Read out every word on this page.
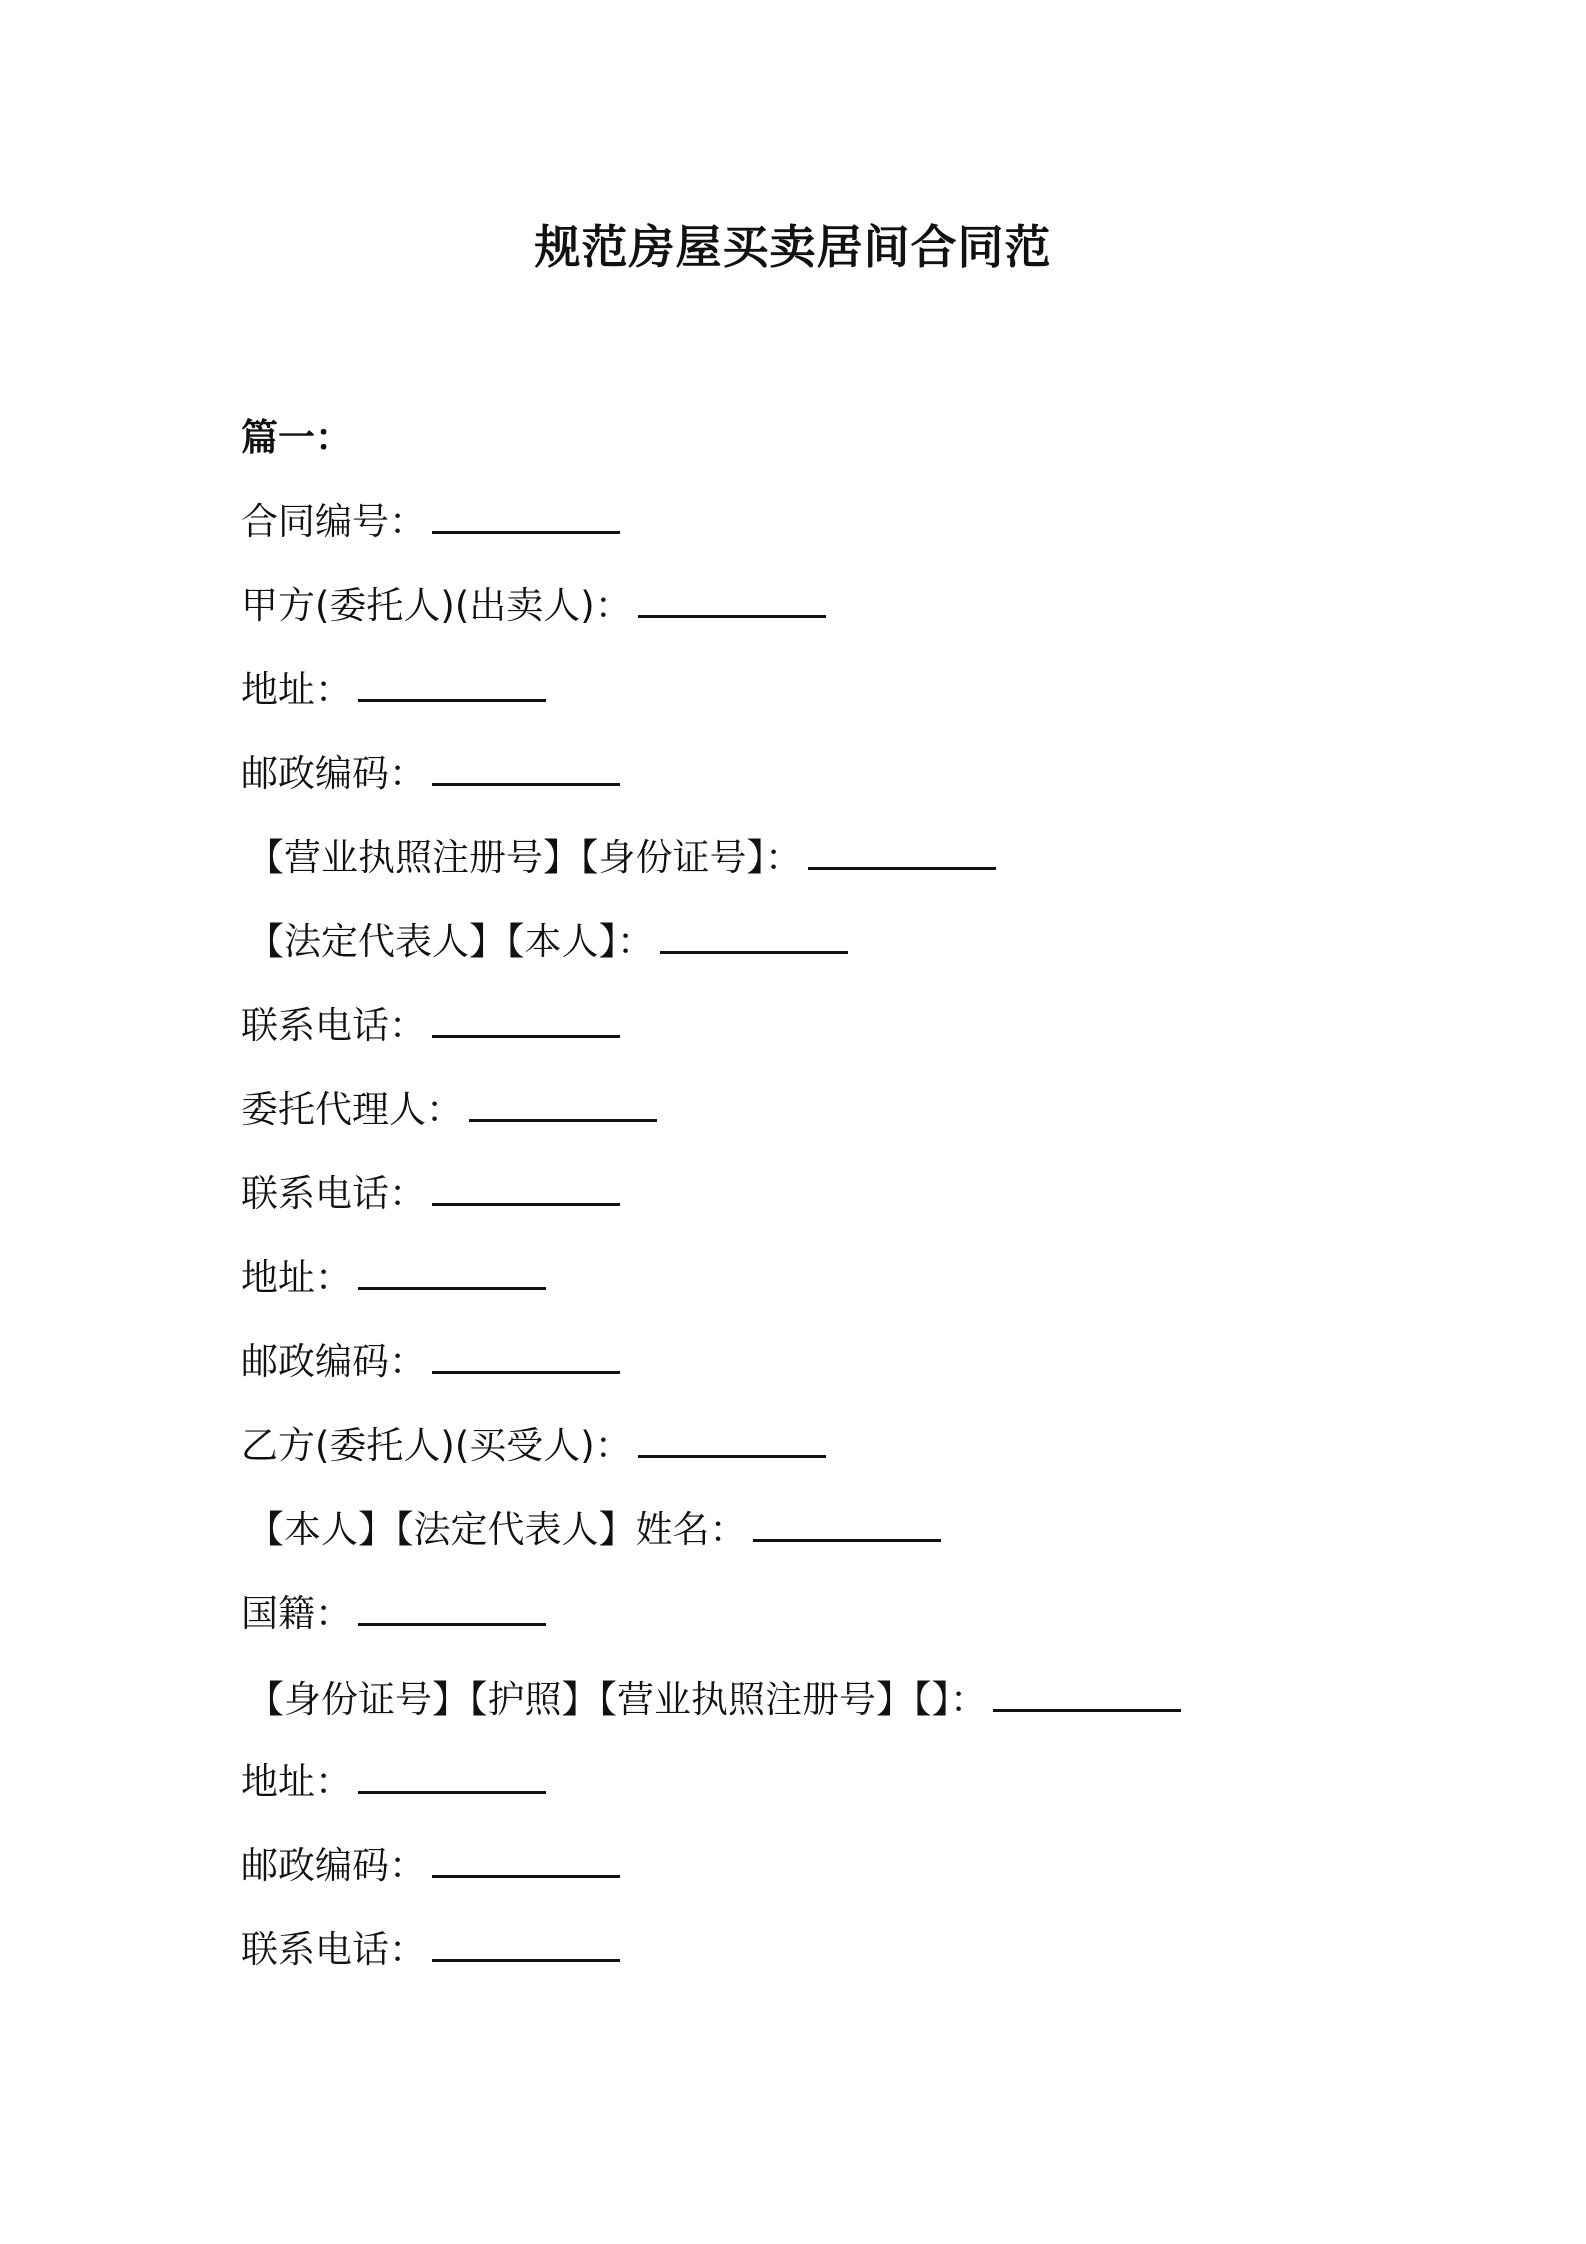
规范房屋买卖居间合同范
篇一：
合同编号：
甲方(委托人)(出卖人)：
地址：
邮政编码：
【营业执照注册号】【身份证号】：
【法定代表人】【本人】：
联系电话：
委托代理人：
联系电话：
地址：
邮政编码：
乙方(委托人)(买受人)：
【本人】【法定代表人】姓名：
国籍：
【身份证号】【护照】【营业执照注册号】【】：
地址：
邮政编码：
联系电话：
